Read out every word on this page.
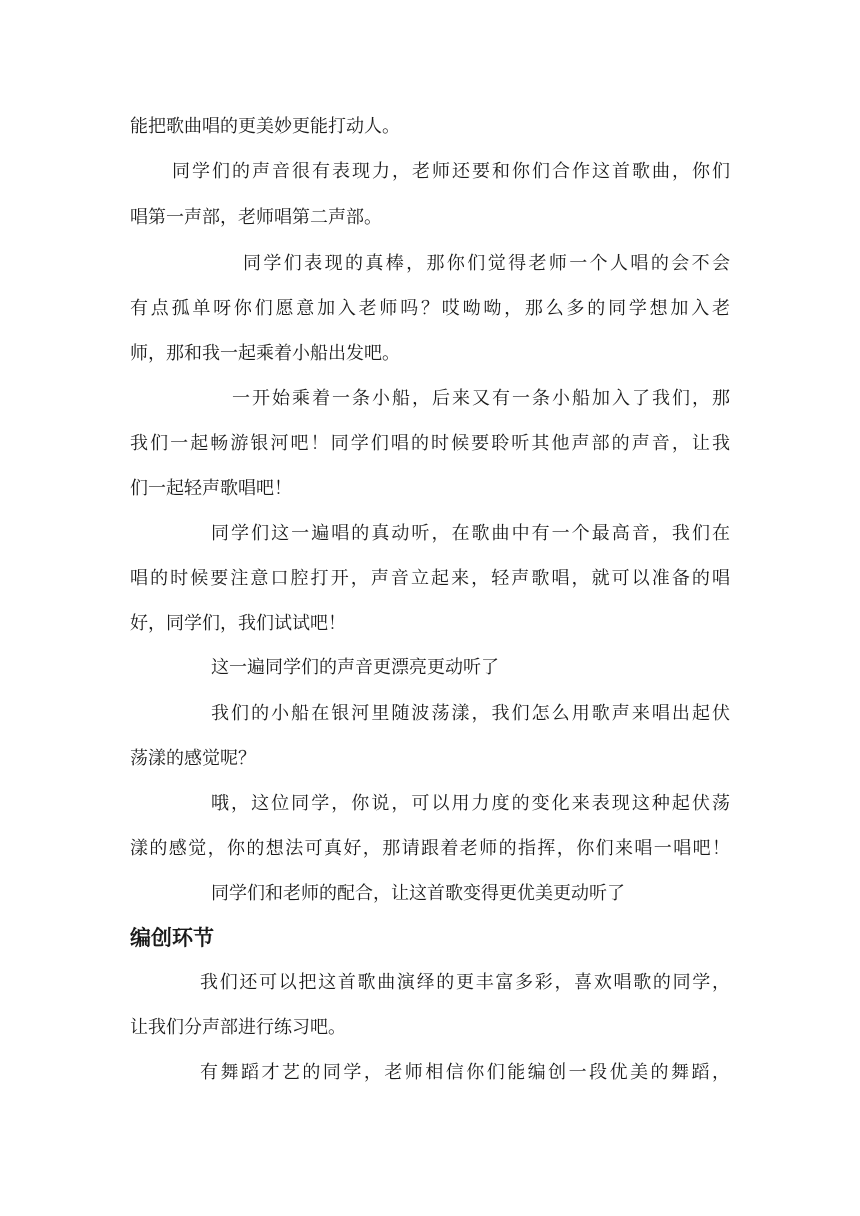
能把歌曲唱的更美妙更能打动人。
同学们的声音很有表现力，老师还要和你们合作这首歌曲，你们
唱第一声部，老师唱第二声部。
同学们表现的真棒，那你们觉得老师一个人唱的会不会
有点孤单呀你们愿意加入老师吗？哎呦呦，那么多的同学想加入老
师，那和我一起乘着小船出发吧。
一开始乘着一条小船，后来又有一条小船加入了我们，那
我们一起畅游银河吧！同学们唱的时候要聆听其他声部的声音，让我
们一起轻声歌唱吧！
同学们这一遍唱的真动听，在歌曲中有一个最高音，我们在
唱的时候要注意口腔打开，声音立起来，轻声歌唱，就可以准备的唱
好，同学们，我们试试吧！
这一遍同学们的声音更漂亮更动听了
我们的小船在银河里随波荡漾，我们怎么用歌声来唱出起伏
荡漾的感觉呢？
哦，这位同学，你说，可以用力度的变化来表现这种起伏荡
漾的感觉，你的想法可真好，那请跟着老师的指挥，你们来唱一唱吧！
同学们和老师的配合，让这首歌变得更优美更动听了
编创环节
我们还可以把这首歌曲演绎的更丰富多彩，喜欢唱歌的同学，
让我们分声部进行练习吧。
有舞蹈才艺的同学，老师相信你们能编创一段优美的舞蹈，
